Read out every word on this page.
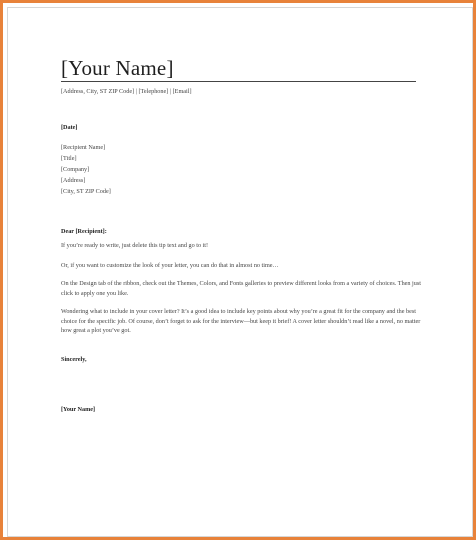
[Your Name]
[Address, City, ST ZIP Code] | [Telephone] | [Email]
[Date]
[Recipient Name]
[Title]
[Company]
[Address]
[City, ST ZIP Code]
Dear [Recipient]:
If you’re ready to write, just delete this tip text and go to it!
Or, if you want to customize the look of your letter, you can do that in almost no time…
On the Design tab of the ribbon, check out the Themes, Colors, and Fonts galleries to preview different looks from a variety of choices. Then just click to apply one you like.
Wondering what to include in your cover letter? It’s a good idea to include key points about why you’re a great fit for the company and the best choice for the specific job. Of course, don’t forget to ask for the interview—but keep it brief! A cover letter shouldn’t read like a novel, no matter how great a plot you’ve got.
Sincerely,
[Your Name]
